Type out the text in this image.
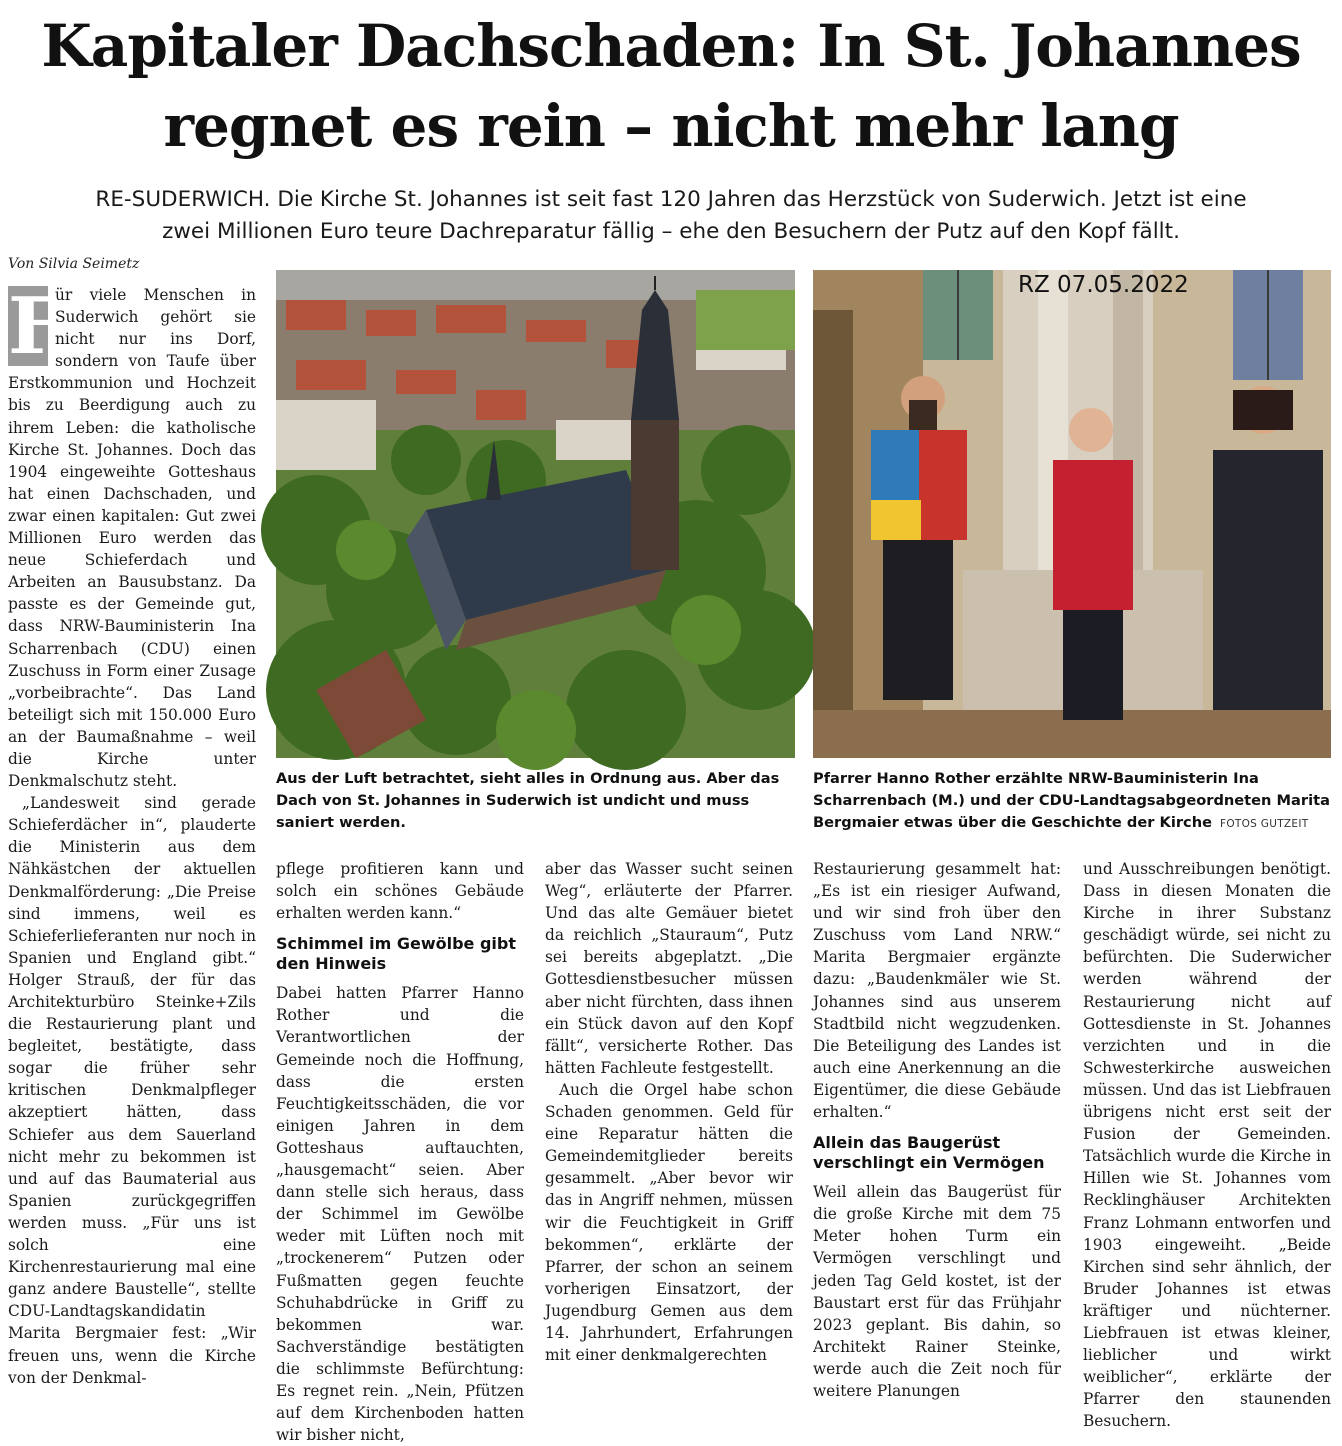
Kapitaler Dachschaden: In St. Johannes
regnet es rein – nicht mehr lang
RE-SUDERWICH. Die Kirche St. Johannes ist seit fast 120 Jahren das Herzstück von Suderwich. Jetzt ist eine
zwei Millionen Euro teure Dachreparatur fällig – ehe den Besuchern der Putz auf den Kopf fällt.
Von Silvia Seimetz

F
ür viele Menschen in Suderwich gehört sie nicht nur ins Dorf, sondern von Taufe über Erstkommunion und Hochzeit bis zu Beerdigung auch zu ihrem Leben: die katholische Kirche St. Johannes. Doch das 1904 eingeweihte Gotteshaus hat einen Dachschaden, und zwar einen kapitalen: Gut zwei Millionen Euro werden das neue Schieferdach und Arbeiten an Bausubstanz. Da passte es der Gemeinde gut, dass NRW-Bauministerin Ina Scharrenbach (CDU) einen Zuschuss in Form einer Zusage „vorbeibrachte“. Das Land beteiligt sich mit 150.000 Euro an der Baumaßnahme – weil die Kirche unter Denkmalschutz steht.

„Landesweit sind gerade Schieferdächer in“, plauderte die Ministerin aus dem Nähkästchen der aktuellen Denkmalförderung: „Die Preise sind immens, weil es Schieferlieferanten nur noch in Spanien und England gibt.“ Holger Strauß, der für das Architekturbüro Steinke+Zils die Restaurierung plant und begleitet, bestätigte, dass sogar die früher sehr kritischen Denkmalpfleger akzeptiert hätten, dass Schiefer aus dem Sauerland nicht mehr zu bekommen ist und auf das Baumaterial aus Spanien zurückgegriffen werden muss. „Für uns ist solch eine Kirchenrestaurierung mal eine ganz andere Baustelle“, stellte CDU-Landtagskandidatin Marita Bergmaier fest: „Wir freuen uns, wenn die Kirche von der Denkmal-

RZ 07.05.2022
Aus der Luft betrachtet, sieht alles in Ordnung aus. Aber das Dach von St. Johannes in Suderwich ist undicht und muss saniert werden.
Pfarrer Hanno Rother erzählte NRW-Bauministerin Ina Scharrenbach (M.) und der CDU-Landtagsabgeordneten Marita Bergmaier etwas über die Geschichte der Kirche FOTOS GUTZEIT

pflege profitieren kann und solch ein schönes Gebäude erhalten werden kann.“

Schimmel im Gewölbe gibt den Hinweis

Dabei hatten Pfarrer Hanno Rother und die Verantwortlichen der Gemeinde noch die Hoffnung, dass die ersten Feuchtigkeitsschäden, die vor einigen Jahren in dem Gotteshaus auftauchten, „hausgemacht“ seien. Aber dann stelle sich heraus, dass der Schimmel im Gewölbe weder mit Lüften noch mit „trockenerem“ Putzen oder Fußmatten gegen feuchte Schuhabdrücke in Griff zu bekommen war. Sachverständige bestätigten die schlimmste Befürchtung: Es regnet rein. „Nein, Pfützen auf dem Kirchenboden hatten wir bisher nicht,

aber das Wasser sucht seinen Weg“, erläuterte der Pfarrer. Und das alte Gemäuer bietet da reichlich „Stauraum“, Putz sei bereits abgeplatzt. „Die Gottesdienstbesucher müssen aber nicht fürchten, dass ihnen ein Stück davon auf den Kopf fällt“, versicherte Rother. Das hätten Fachleute festgestellt.

Auch die Orgel habe schon Schaden genommen. Geld für eine Reparatur hätten die Gemeindemitglieder bereits gesammelt. „Aber bevor wir das in Angriff nehmen, müssen wir die Feuchtigkeit in Griff bekommen“, erklärte der Pfarrer, der schon an seinem vorherigen Einsatzort, der Jugendburg Gemen aus dem 14. Jahrhundert, Erfahrungen mit einer denkmalgerechten

Restaurierung gesammelt hat: „Es ist ein riesiger Aufwand, und wir sind froh über den Zuschuss vom Land NRW.“ Marita Bergmaier ergänzte dazu: „Baudenkmäler wie St. Johannes sind aus unserem Stadtbild nicht wegzudenken. Die Beteiligung des Landes ist auch eine Anerkennung an die Eigentümer, die diese Gebäude erhalten.“

Allein das Baugerüst verschlingt ein Vermögen

Weil allein das Baugerüst für die große Kirche mit dem 75 Meter hohen Turm ein Vermögen verschlingt und jeden Tag Geld kostet, ist der Baustart erst für das Frühjahr 2023 geplant. Bis dahin, so Architekt Rainer Steinke, werde auch die Zeit noch für weitere Planungen

und Ausschreibungen benötigt. Dass in diesen Monaten die Kirche in ihrer Substanz geschädigt würde, sei nicht zu befürchten. Die Suderwicher werden während der Restaurierung nicht auf Gottesdienste in St. Johannes verzichten und in die Schwesterkirche ausweichen müssen. Und das ist Liebfrauen übrigens nicht erst seit der Fusion der Gemeinden. Tatsächlich wurde die Kirche in Hillen wie St. Johannes vom Recklinghäuser Architekten Franz Lohmann entworfen und 1903 eingeweiht. „Beide Kirchen sind sehr ähnlich, der Bruder Johannes ist etwas kräftiger und nüchterner. Liebfrauen ist etwas kleiner, lieblicher und wirkt weiblicher“, erklärte der Pfarrer den staunenden Besuchern.
